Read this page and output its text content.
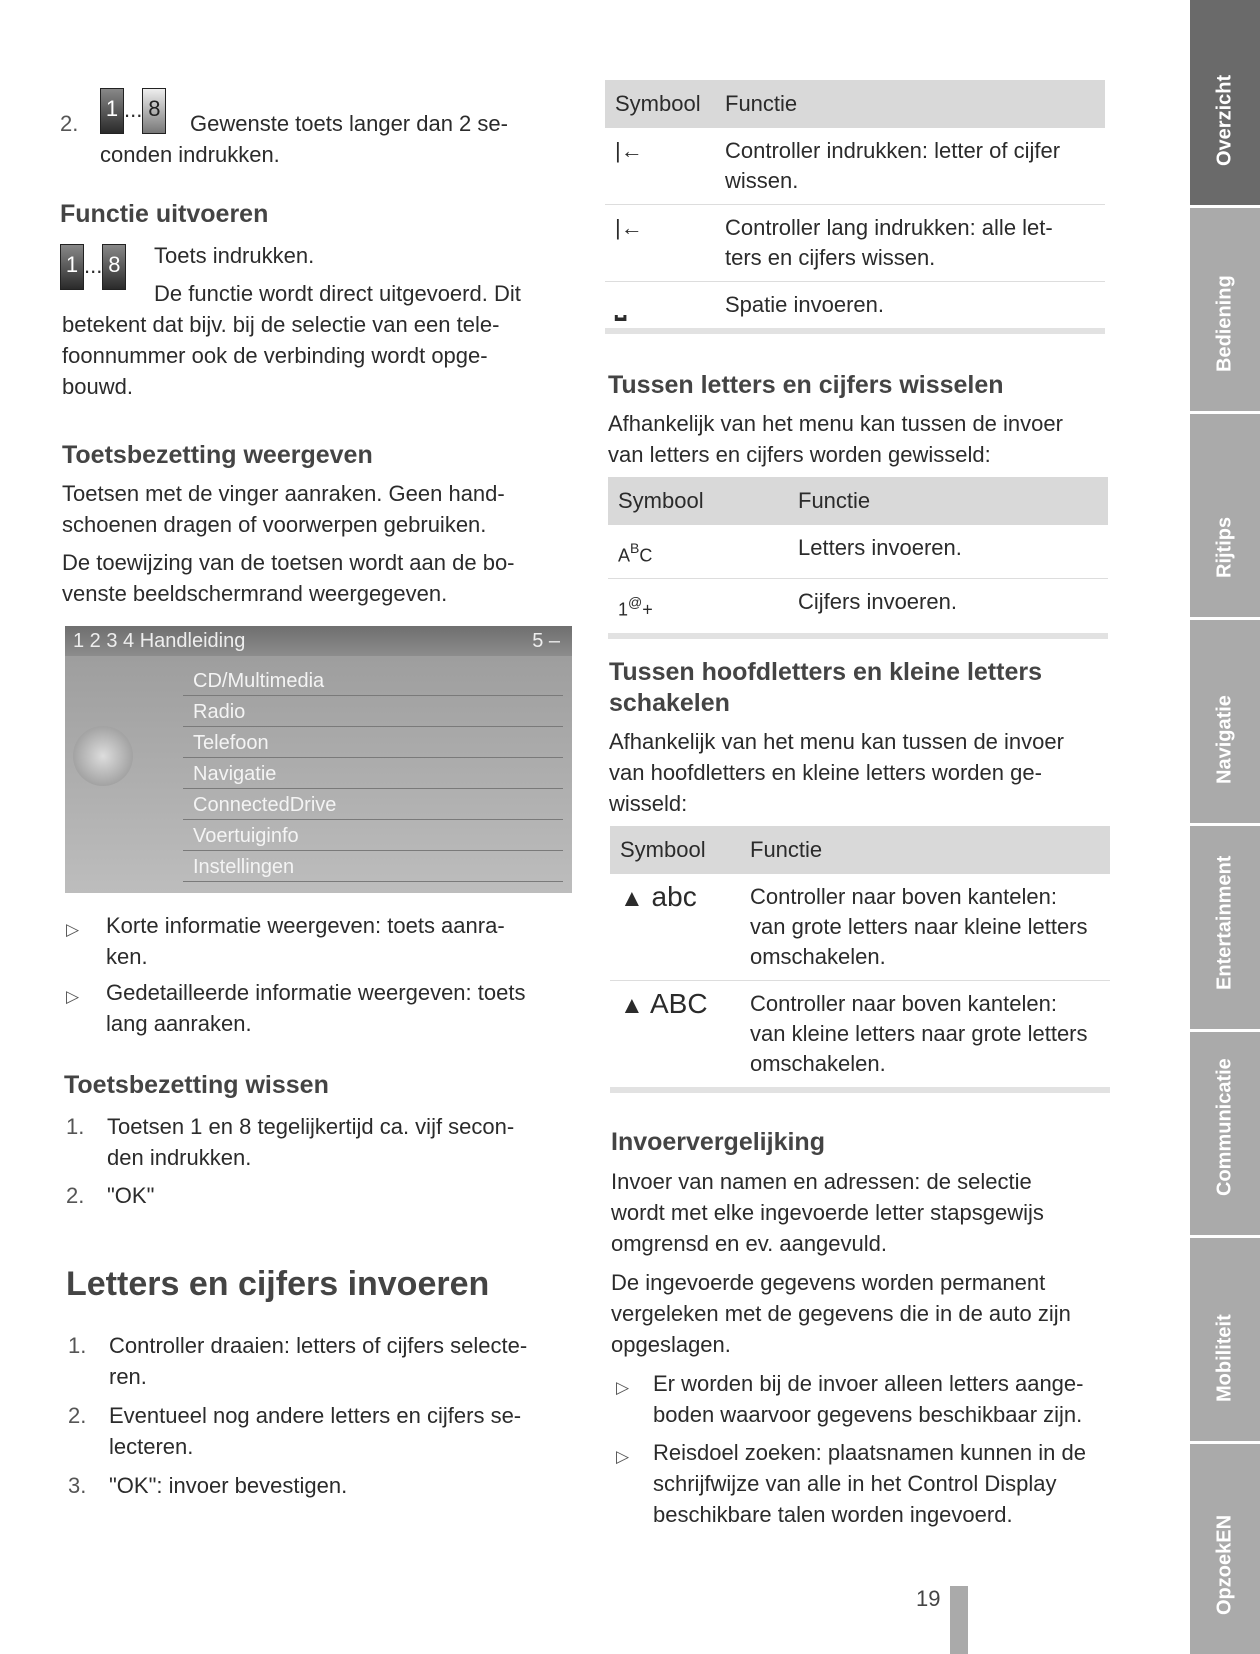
2.
1 ... 8

Gewenste toets langer dan 2 se-

conden indrukken.

Functie uitvoeren
1 ... 8 Toets indrukken.

De functie wordt direct uitgevoerd. Dit

betekent dat bijv. bij de selectie van een tele-
foonnummer ook de verbinding wordt opge-
bouwd.

Toetsbezetting weergeven

Toetsen met de vinger aanraken. Geen hand-
schoenen dragen of voorwerpen gebruiken.

De toewijzing van de toetsen wordt aan de bo-
venste beeldschermrand weergegeven.

1 2 3 4 Handleiding	5 –
CD/Multimedia
Radio
Telefoon
Navigatie
ConnectedDrive
Voertuiginfo
Instellingen
▷ Korte informatie weergeven: toets aanra-
ken.

▷ Gedetailleerde informatie weergeven: toets
lang aanraken.

Toetsbezetting wissen
1. Toetsen 1 en 8 tegelijkertijd ca. vijf secon-
den indrukken.

2. "OK"

Letters en cijfers invoeren
1. Controller draaien: letters of cijfers selecte-
ren.

2. Eventueel nog andere letters en cijfers se-
lecteren.

3. "OK": invoer bevestigen.

Symbool	Functie
|←	Controller indrukken: letter of cijfer
wissen.
|←	Controller lang indrukken: alle let-
ters en cijfers wissen.
⎵	Spatie invoeren.
Tussen letters en cijfers wisselen

Afhankelijk van het menu kan tussen de invoer
van letters en cijfers worden gewisseld:

Symbool	Functie
$A^BC$	Letters invoeren.
1@+	Cijfers invoeren.
Tussen hoofdletters en kleine letters
schakelen

Afhankelijk van het menu kan tussen de invoer
van hoofdletters en kleine letters worden ge-
wisseld:

Symbool	Functie
▲ abc	Controller naar boven kantelen:
van grote letters naar kleine letters
omschakelen.
▲ ABC	Controller naar boven kantelen:
van kleine letters naar grote letters
omschakelen.
Invoervergelijking

Invoer van namen en adressen: de selectie
wordt met elke ingevoerde letter stapsgewijs
omgrensd en ev. aangevuld.

De ingevoerde gegevens worden permanent
vergeleken met de gegevens die in de auto zijn
opgeslagen.

▷ Er worden bij de invoer alleen letters aange-
boden waarvoor gegevens beschikbaar zijn.

▷ Reisdoel zoeken: plaatsnamen kunnen in de
schrijfwijze van alle in het Control Display
beschikbare talen worden ingevoerd.

19
Overzicht
Bediening
Rijtips
Navigatie
Entertainment
Communicatie
Mobiliteit
OpzoekEN
